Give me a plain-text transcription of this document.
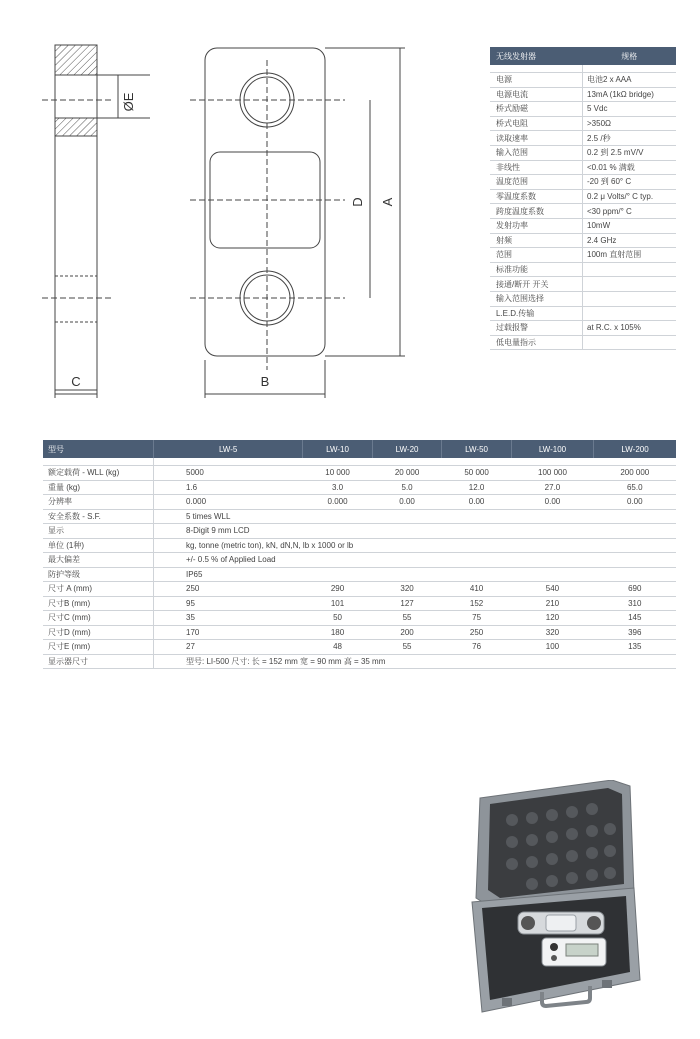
ØE
D A
B
C
无线发射器	规格

电源	电池2 x AAA
电源电流	13mA (1kΩ bridge)
桥式励磁	5 Vdc
桥式电阻	>350Ω
读取速率	2.5 /秒
输入范围	0.2 到 2.5 mV/V
非线性	<0.01 % 满载
温度范围	-20 到 60° C
零温度系数	0.2 μ Volts/° C typ.
跨度温度系数	<30 ppm/° C
发射功率	10mW
射频	2.4 GHz
范围	100m 直射范围
标准功能	
接通/断开 开关	
输入范围选择	
L.E.D.传输	
过载报警	at R.C. x 105%
低电量指示	
型号	LW-5	LW-10	LW-20	LW-50	LW-100	LW-200

额定载荷 - WLL (kg)	5000	10 000	20 000	50 000	100 000	200 000
重量 (kg)	1.6	3.0	5.0	12.0	27.0	65.0
分辨率	0.000	0.000	0.00	0.00	0.00	0.00
安全系数 - S.F.	5 times WLL					
显示	8-Digit 9 mm LCD					
单位 (1种)	kg, tonne (metric ton), kN, dN,N, lb x 1000 or lb					
最大偏差	+/- 0.5 % of Applied Load					
防护等级	IP65					
尺寸 A (mm)	250	290	320	410	540	690
尺寸B (mm)	95	101	127	152	210	310
尺寸C (mm)	35	50	55	75	120	145
尺寸D (mm)	170	180	200	250	320	396
尺寸E (mm)	27	48	55	76	100	135
显示器尺寸	型号: LI-500 尺寸: 长 = 152 mm 宽 = 90 mm 高 = 35 mm					
